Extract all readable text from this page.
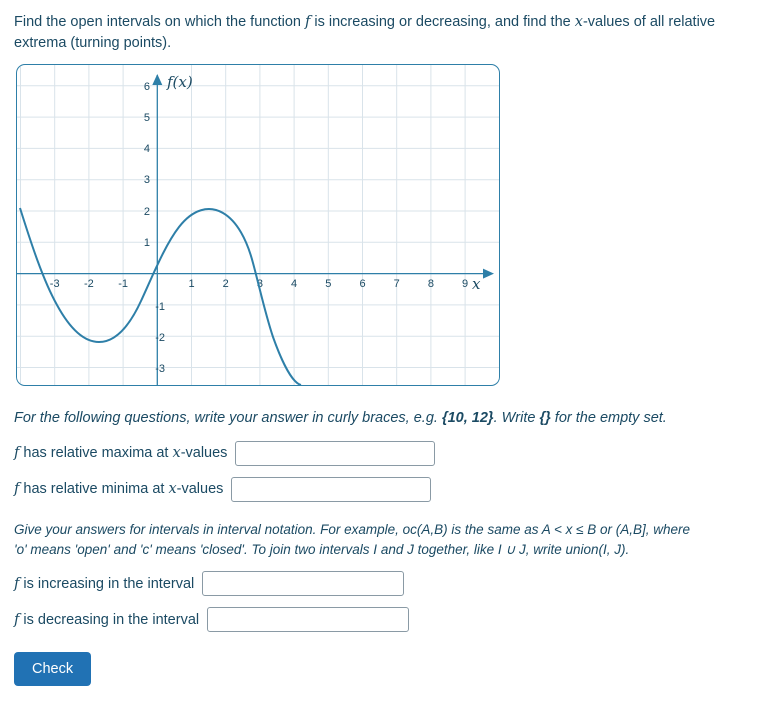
Find the open intervals on which the function f is increasing or decreasing, and find the x-values of all relative extrema (turning points).
f(x)
x
-3 -2 -1	1	2	3	4	5	6	7	8	9
6
5
4
3
2
1
-1
-2
-3
For the following questions, write your answer in curly braces, e.g. {10, 12}. Write {} for the empty set.
f has relative maxima at x-values
f has relative minima at x-values
Give your answers for intervals in interval notation. For example, oc(A,B) is the same as A < x ≤ B or (A,B], where
'o' means 'open' and 'c' means 'closed'. To join two intervals I and J together, like I ∪ J, write union(I, J).
f is increasing in the interval
f is decreasing in the interval
Check
